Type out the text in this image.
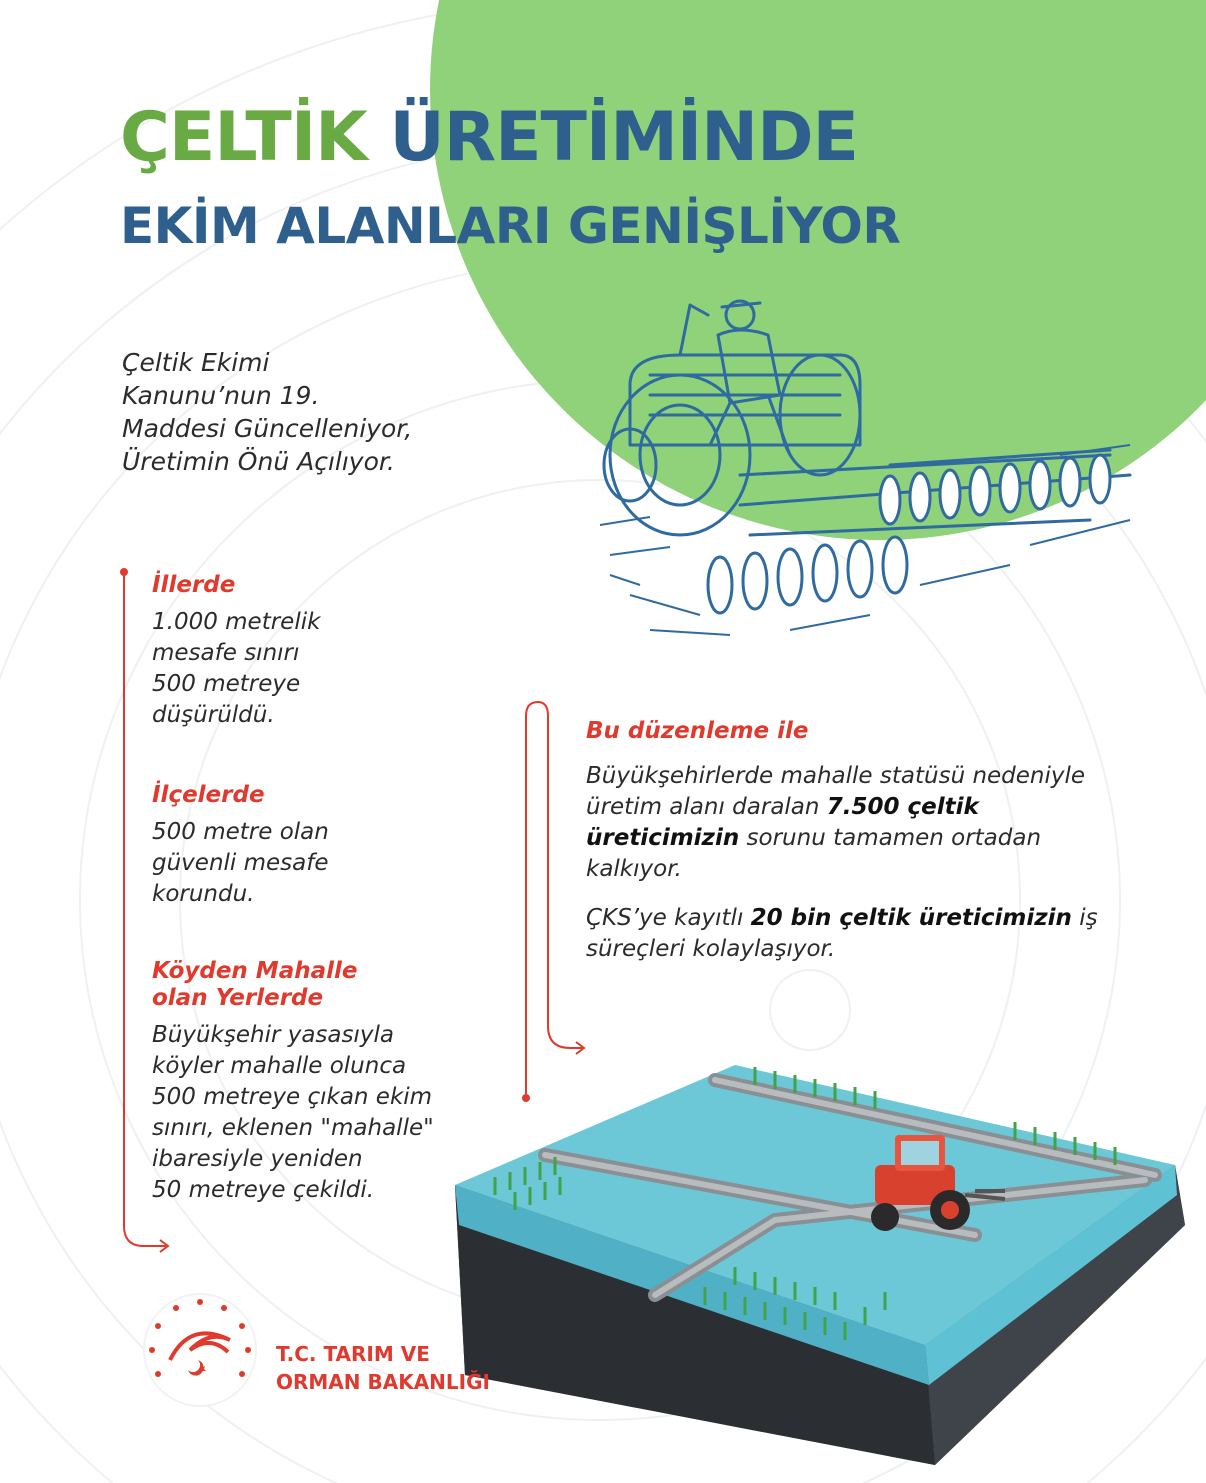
ÇELTİK ÜRETİMİNDE
EKİM ALANLARI GENİŞLİYOR
Çeltik Ekimi
Kanunu’nun 19.
Maddesi Güncelleniyor,
Üretimin Önü Açılıyor.
İllerde
1.000 metrelik
mesafe sınırı
500 metreye
düşürüldü.
İlçelerde
500 metre olan
güvenli mesafe
korundu.
Köyden Mahalle
olan Yerlerde
Büyükşehir yasasıyla
köyler mahalle olunca
500 metreye çıkan ekim
sınırı, eklenen "mahalle"
ibaresiyle yeniden
50 metreye çekildi.
Bu düzenleme ile

Büyükşehirlerde mahalle statüsü nedeniyle üretim alanı daralan 7.500 çeltik üreticimizin sorunu tamamen ortadan kalkıyor.

ÇKS’ye kayıtlı 20 bin çeltik üreticimizin iş süreçleri kolaylaşıyor.

T.C. TARIM VE
ORMAN BAKANLIĞI
